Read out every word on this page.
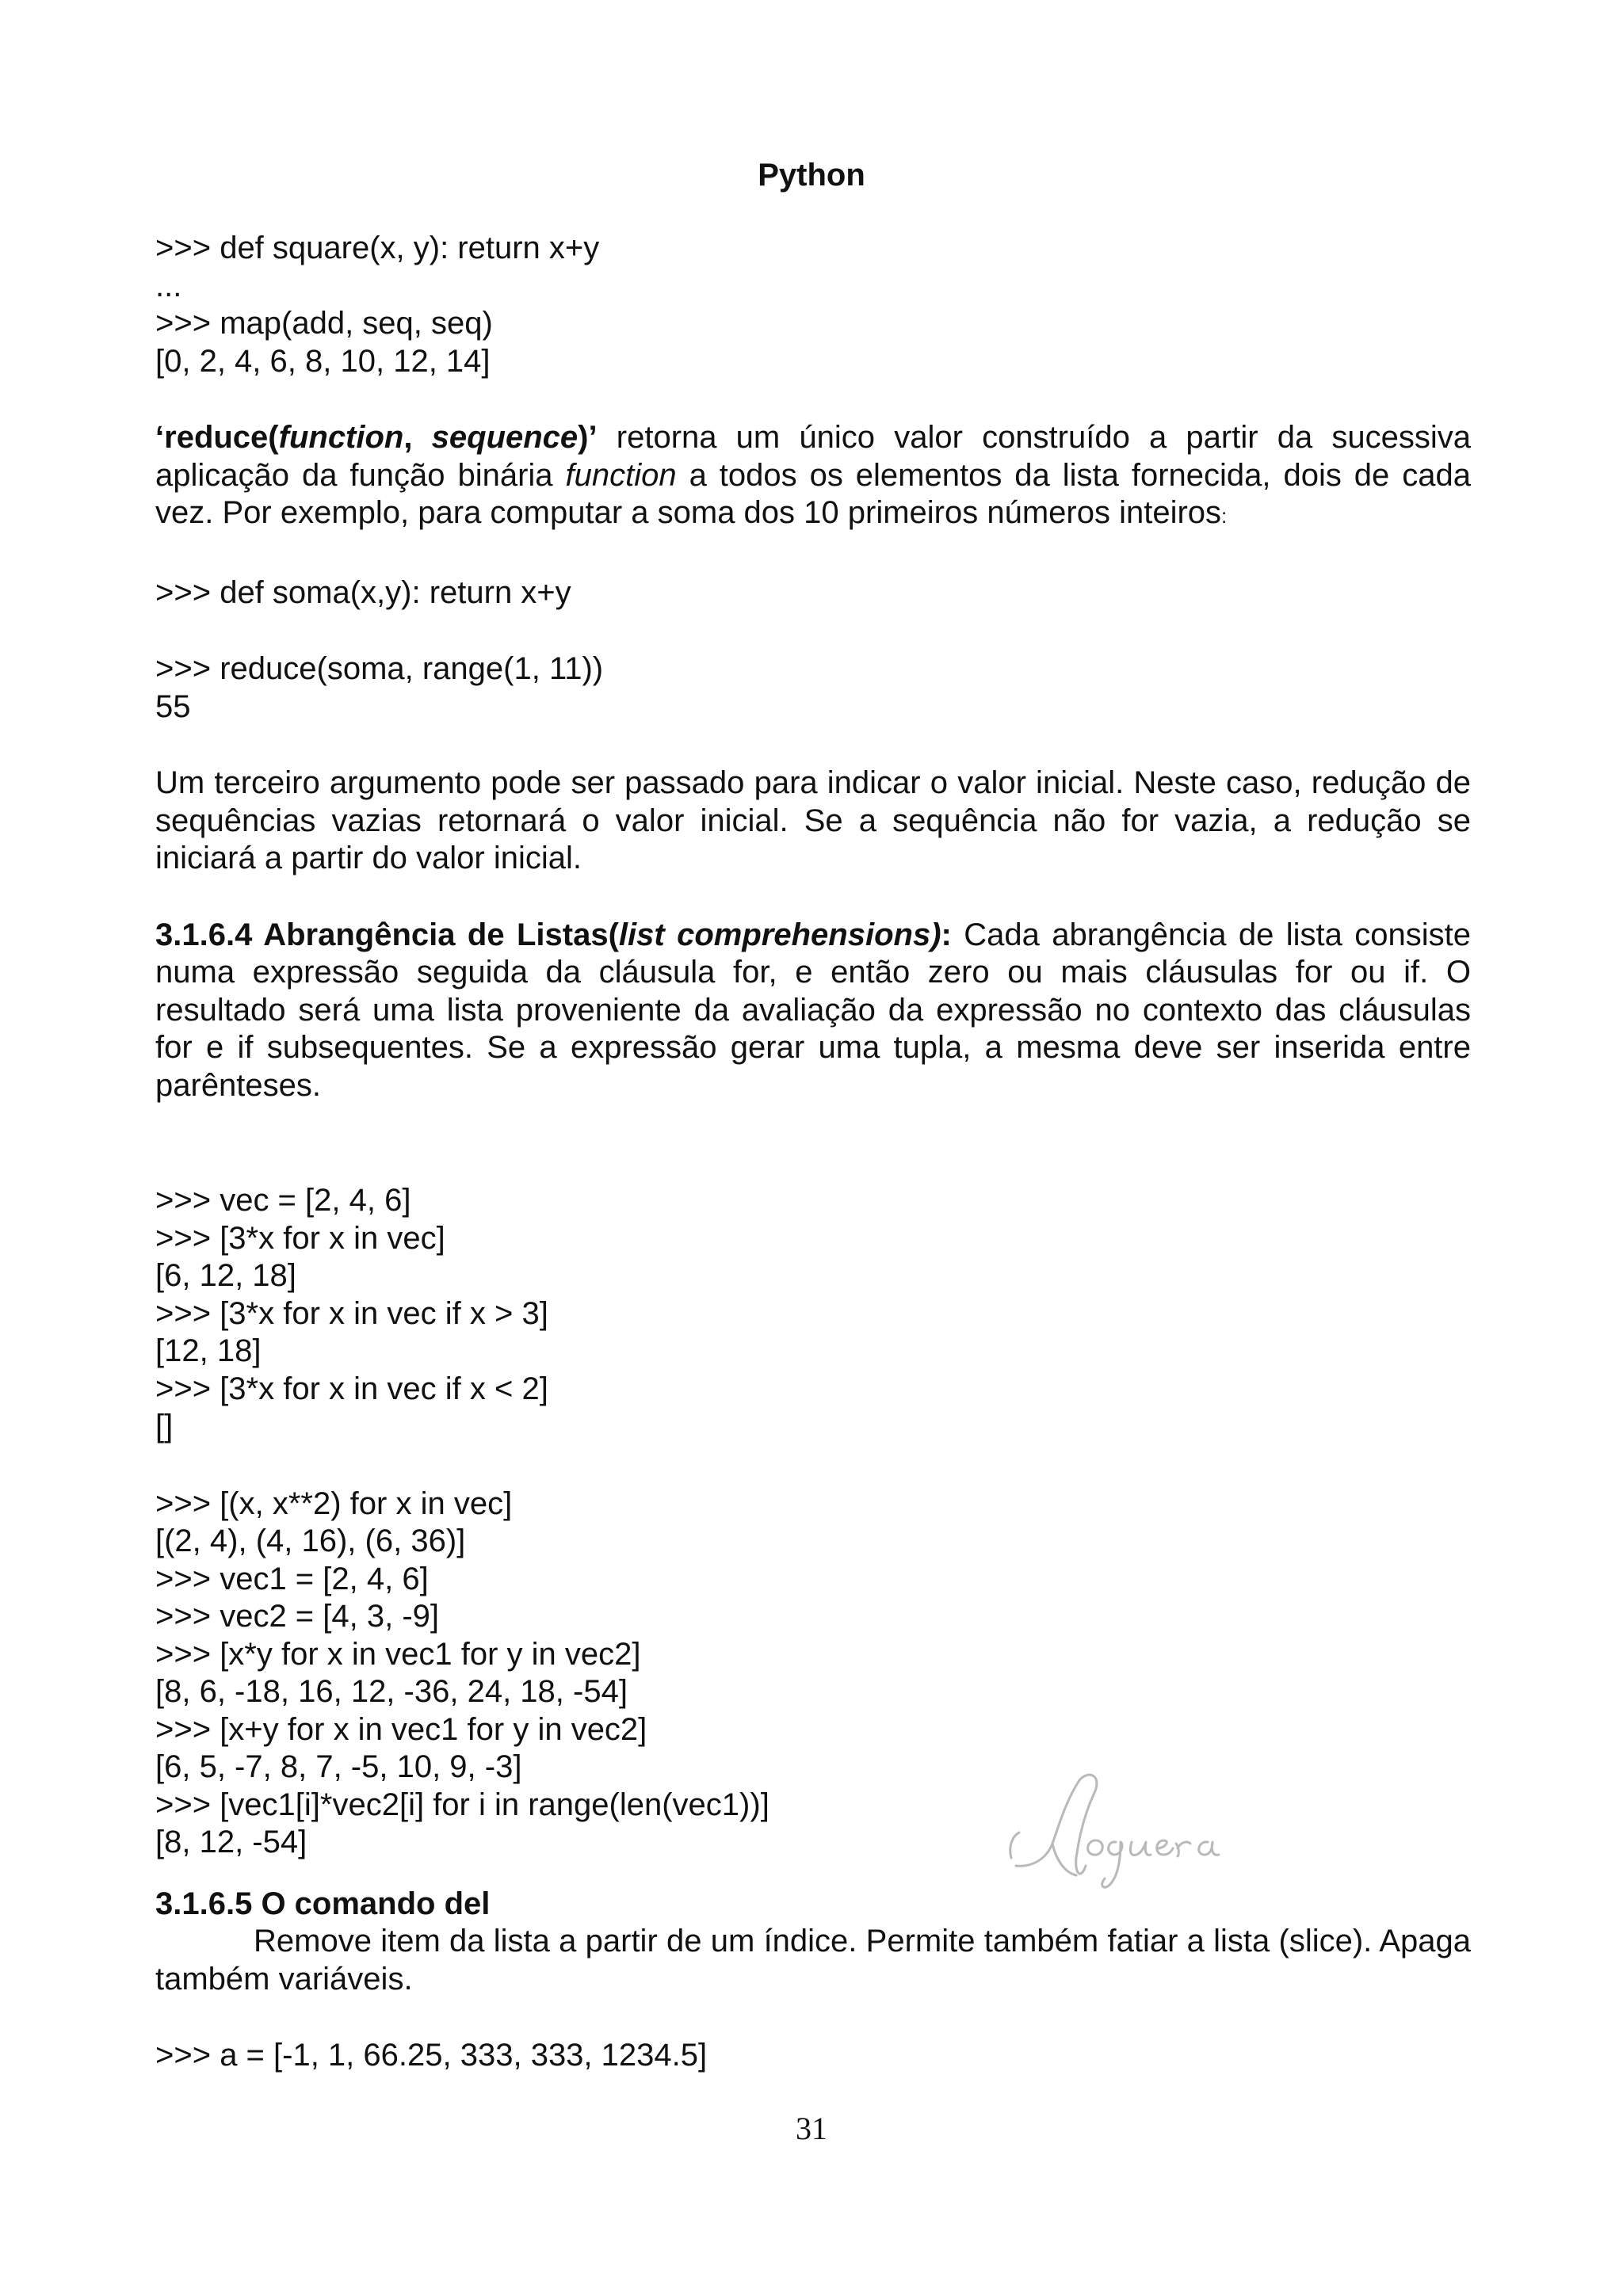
Python
>>> def square(x, y): return x+y
...
>>> map(add, seq, seq)
[0, 2, 4, 6, 8, 10, 12, 14]

‘reduce(function, sequence)’ retorna um único valor construído a partir da sucessiva aplicação da função binária function a todos os elementos da lista fornecida, dois de cada vez. Por exemplo, para computar a soma dos 10 primeiros números inteiros:

>>> def soma(x,y): return x+y
>>> reduce(soma, range(1, 11))
55

Um terceiro argumento pode ser passado para indicar o valor inicial. Neste caso, redução de sequências vazias retornará o valor inicial. Se a sequência não for vazia, a redução se iniciará a partir do valor inicial.

3.1.6.4 Abrangência de Listas(list comprehensions): Cada abrangência de lista consiste numa expressão seguida da cláusula for, e então zero ou mais cláusulas for ou if. O resultado será uma lista proveniente da avaliação da expressão no contexto das cláusulas for e if subsequentes. Se a expressão gerar uma tupla, a mesma deve ser inserida entre parênteses.

>>> vec = [2, 4, 6]
>>> [3*x for x in vec]
[6, 12, 18]
>>> [3*x for x in vec if x > 3]
[12, 18]
>>> [3*x for x in vec if x < 2]
[]
>>> [(x, x**2) for x in vec]
[(2, 4), (4, 16), (6, 36)]
>>> vec1 = [2, 4, 6]
>>> vec2 = [4, 3, -9]
>>> [x*y for x in vec1 for y in vec2]
[8, 6, -18, 16, 12, -36, 24, 18, -54]
>>> [x+y for x in vec1 for y in vec2]
[6, 5, -7, 8, 7, -5, 10, 9, -3]
>>> [vec1[i]*vec2[i] for i in range(len(vec1))]
[8, 12, -54]
3.1.6.5 O comando del

Remove item da lista a partir de um índice. Permite também fatiar a lista (slice). Apaga também variáveis.

>>> a = [-1, 1, 66.25, 333, 333, 1234.5]
31
